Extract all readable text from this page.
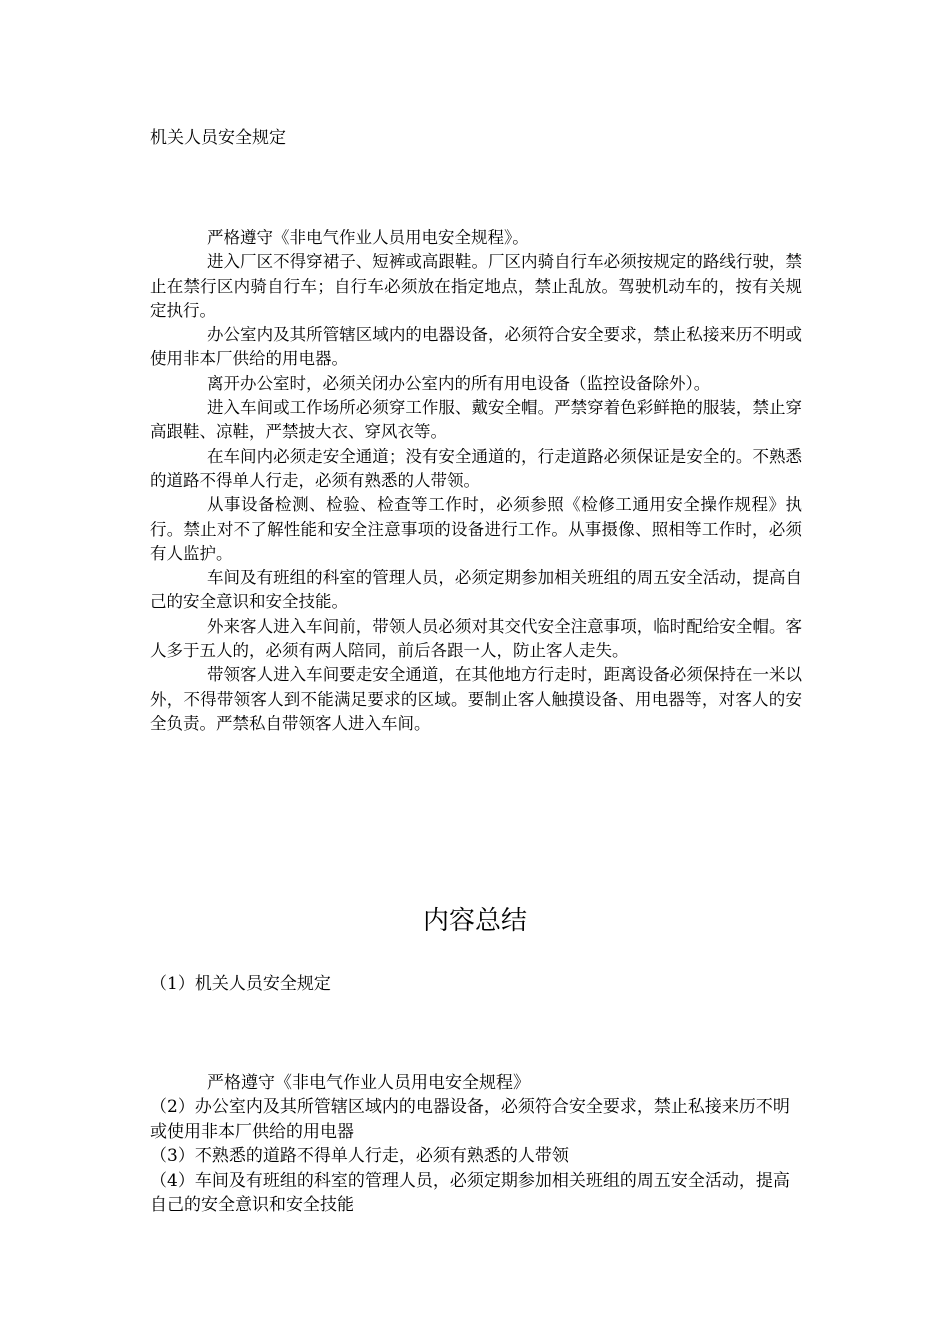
机关人员安全规定

严格遵守《非电气作业人员用电安全规程》。

进入厂区不得穿裙子、短裤或高跟鞋。厂区内骑自行车必须按规定的路线行驶，禁止在禁行区内骑自行车；自行车必须放在指定地点，禁止乱放。驾驶机动车的，按有关规定执行。

办公室内及其所管辖区域内的电器设备，必须符合安全要求，禁止私接来历不明或使用非本厂供给的用电器。

离开办公室时，必须关闭办公室内的所有用电设备（监控设备除外）。

进入车间或工作场所必须穿工作服、戴安全帽。严禁穿着色彩鲜艳的服装，禁止穿高跟鞋、凉鞋，严禁披大衣、穿风衣等。

在车间内必须走安全通道；没有安全通道的，行走道路必须保证是安全的。不熟悉的道路不得单人行走，必须有熟悉的人带领。

从事设备检测、检验、检查等工作时，必须参照《检修工通用安全操作规程》执行。禁止对不了解性能和安全注意事项的设备进行工作。从事摄像、照相等工作时，必须有人监护。

车间及有班组的科室的管理人员，必须定期参加相关班组的周五安全活动，提高自己的安全意识和安全技能。

外来客人进入车间前，带领人员必须对其交代安全注意事项，临时配给安全帽。客人多于五人的，必须有两人陪同，前后各跟一人，防止客人走失。

带领客人进入车间要走安全通道，在其他地方行走时，距离设备必须保持在一米以外，不得带领客人到不能满足要求的区域。要制止客人触摸设备、用电器等，对客人的安全负责。严禁私自带领客人进入车间。

内容总结

（1）机关人员安全规定

严格遵守《非电气作业人员用电安全规程》

（2）办公室内及其所管辖区域内的电器设备，必须符合安全要求，禁止私接来历不明或使用非本厂供给的用电器

（3）不熟悉的道路不得单人行走，必须有熟悉的人带领

（4）车间及有班组的科室的管理人员，必须定期参加相关班组的周五安全活动，提高自己的安全意识和安全技能
